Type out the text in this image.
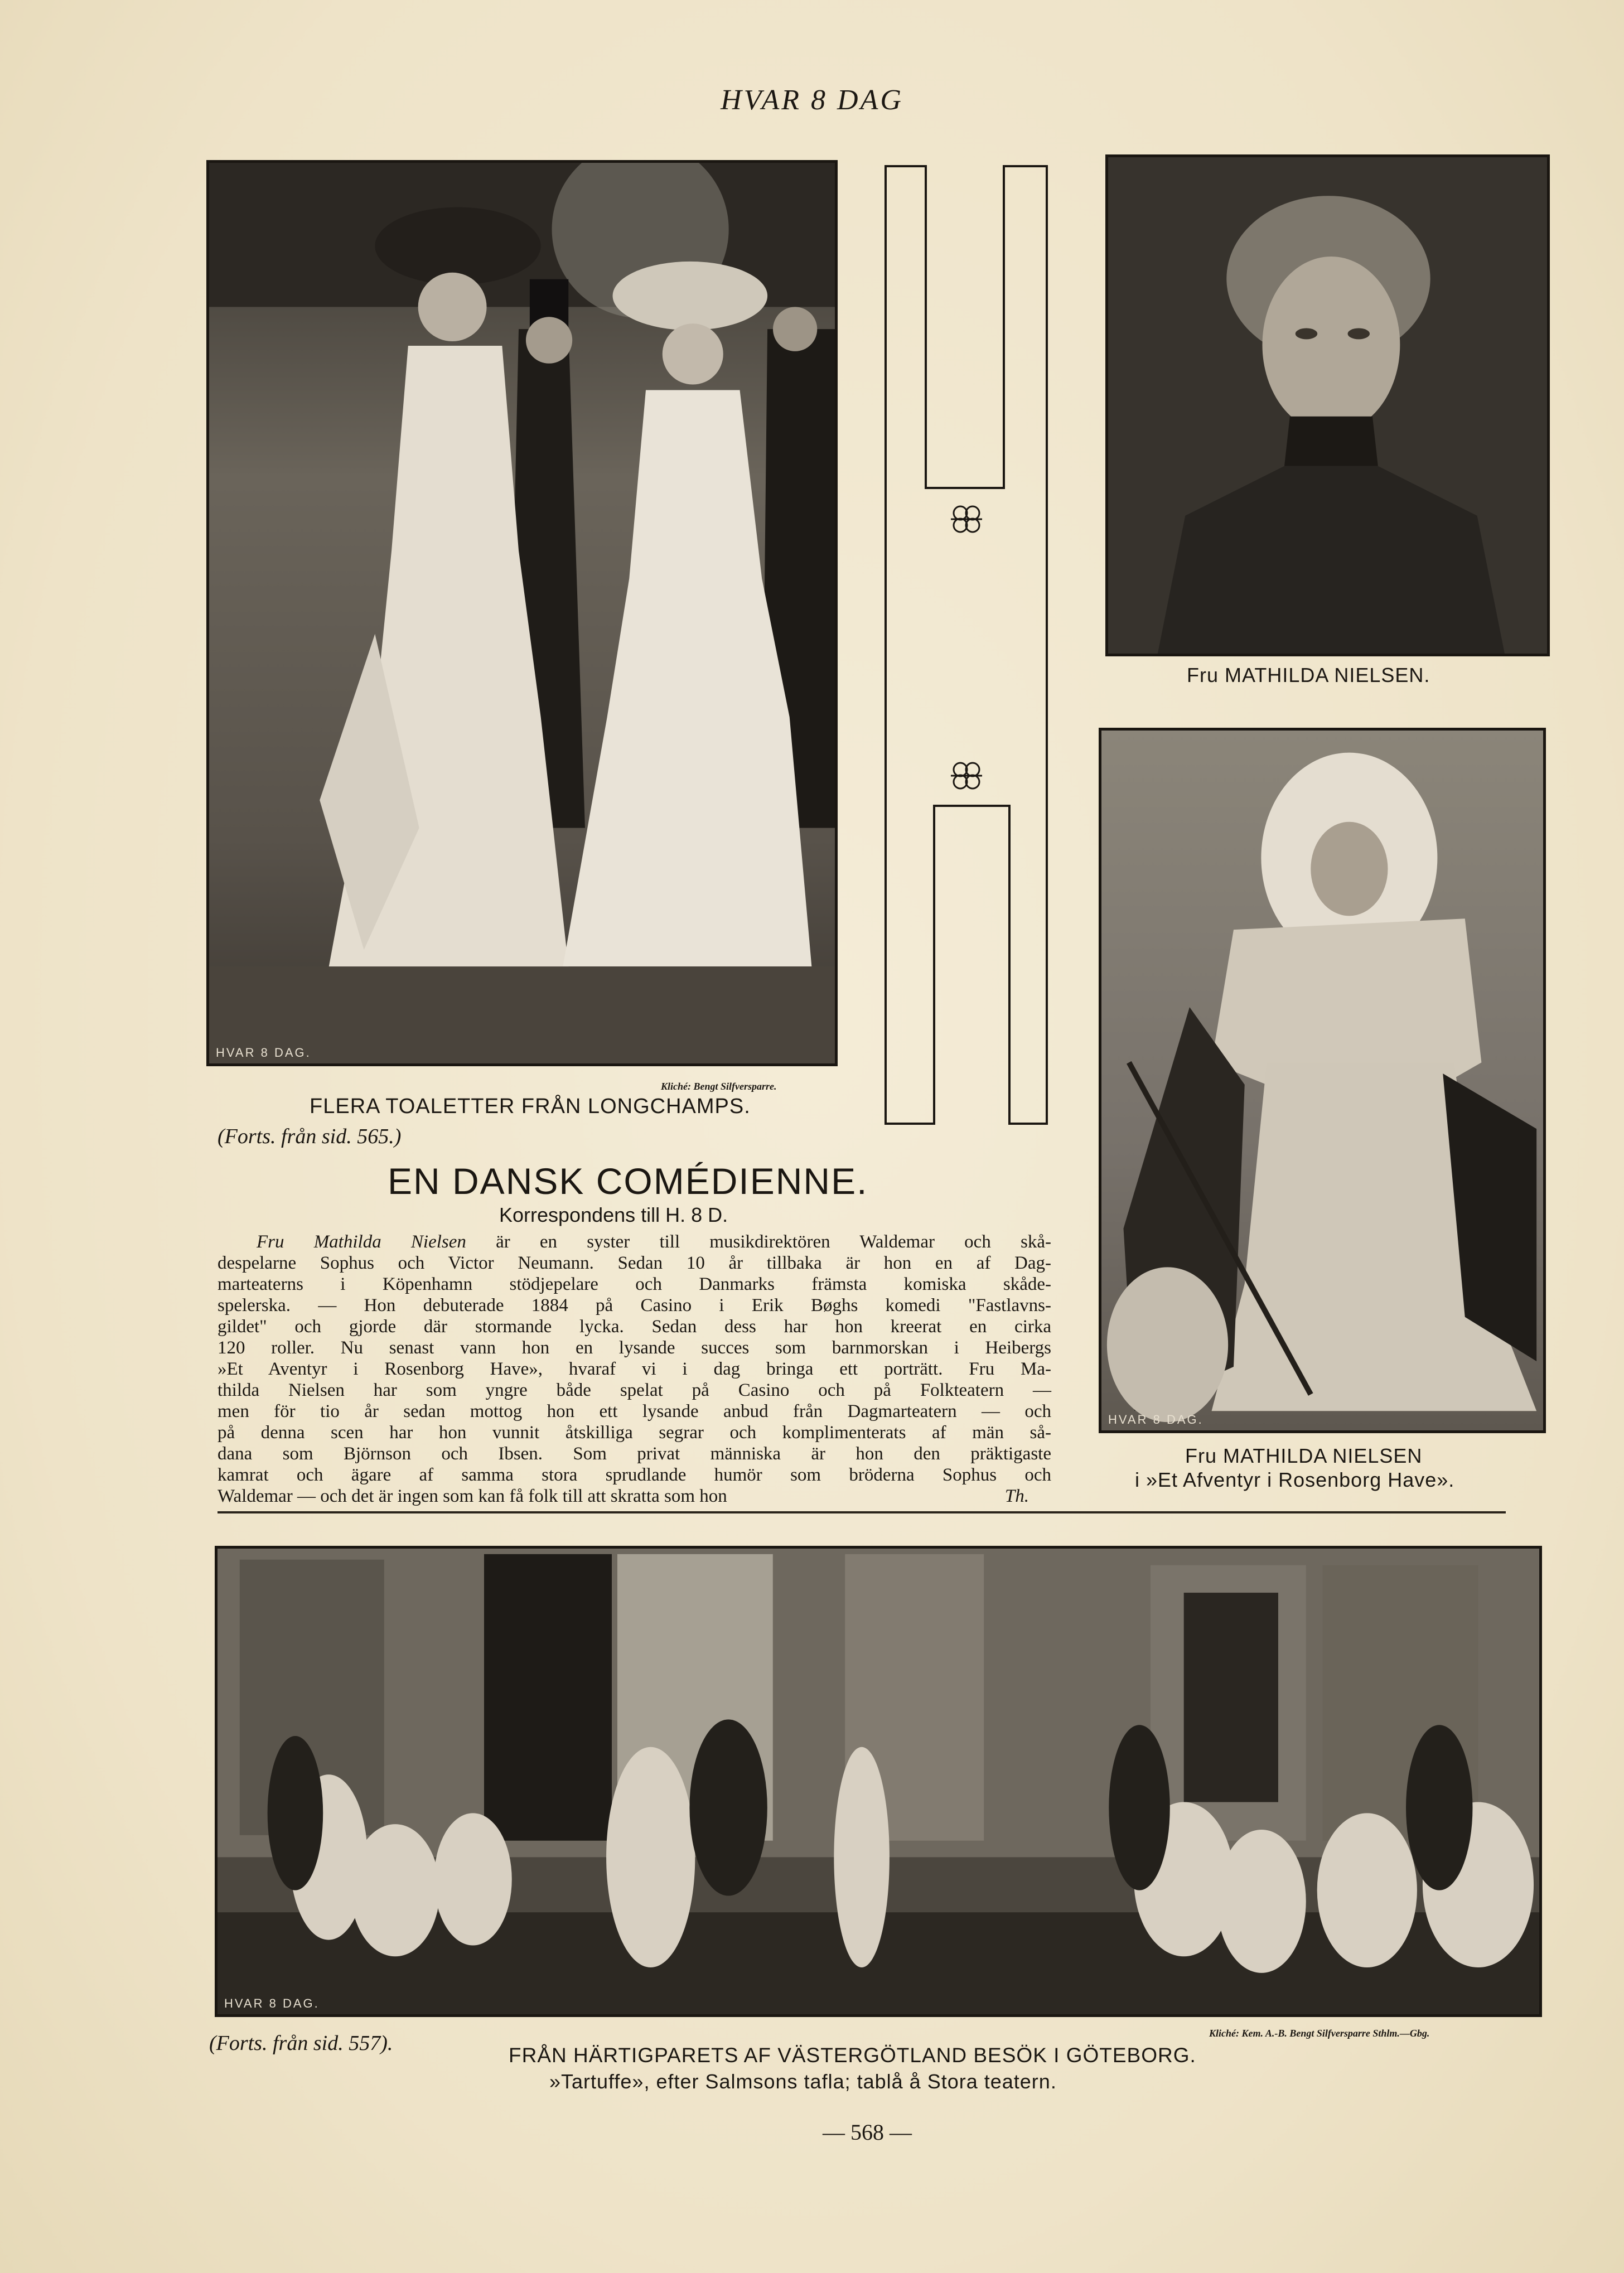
HVAR 8 DAG
HVAR 8 DAG.
Kliché: Bengt Silfversparre.
FLERA TOALETTER FRÅN LONGCHAMPS.
(Forts. från sid. 565.)
Fru MATHILDA NIELSEN.
HVAR 8 DAG.
Fru MATHILDA NIELSEN
i »Et Afventyr i Rosenborg Have».
EN DANSK COMÉDIENNE.
Korrespondens till H. 8 D.

Fru Mathilda Nielsen är en syster till musikdirektören Waldemar och skå-

despelarne Sophus och Victor Neumann. Sedan 10 år tillbaka är hon en af Dag-

marteaterns i Köpenhamn stödjepelare och Danmarks främsta komiska skåde-

spelerska. — Hon debuterade 1884 på Casino i Erik Bøghs komedi "Fastlavns-

gildet" och gjorde där stormande lycka. Sedan dess har hon kreerat en cirka

120 roller. Nu senast vann hon en lysande succes som barnmorskan i Heibergs

»Et Aventyr i Rosenborg Have», hvaraf vi i dag bringa ett porträtt. Fru Ma-

thilda Nielsen har som yngre både spelat på Casino och på Folkteatern —

men för tio år sedan mottog hon ett lysande anbud från Dagmarteatern — och

på denna scen har hon vunnit åtskilliga segrar och komplimenterats af män så-

dana som Björnson och Ibsen. Som privat människa är hon den präktigaste

kamrat och ägare af samma stora sprudlande humör som bröderna Sophus och

Waldemar — och det är ingen som kan få folk till att skratta som hon	Th.

HVAR 8 DAG.
(Forts. från sid. 557).	Kliché: Kem. A.-B. Bengt Silfversparre Sthlm.—Gbg.
FRÅN HÄRTIGPARETS AF VÄSTERGÖTLAND BESÖK I GÖTEBORG.
»Tartuffe», efter Salmsons tafla; tablå å Stora teatern.
— 568 —
